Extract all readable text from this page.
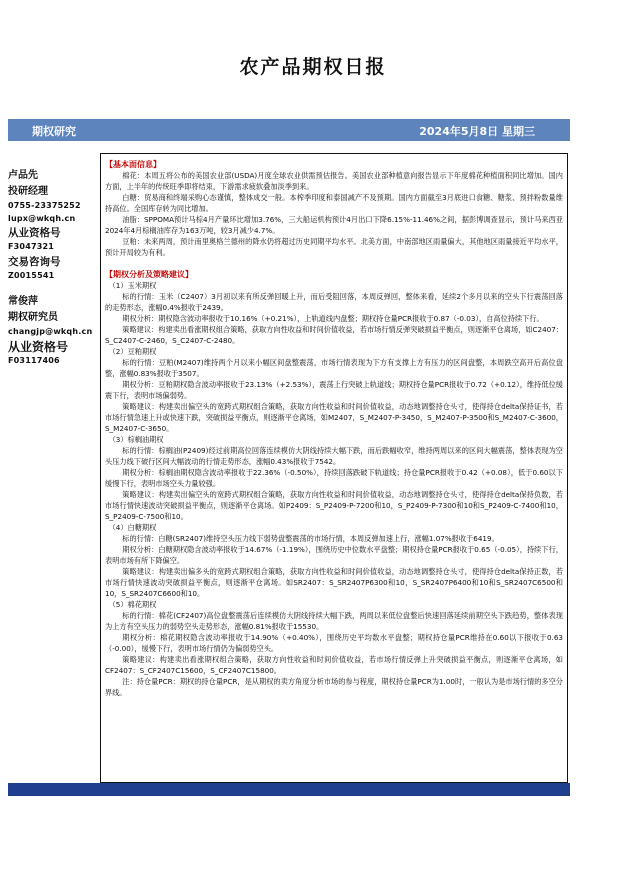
农产品期权日报
期权研究	2024年5月8日 星期三
卢品先
投研经理
0755-23375252
lupx@wkqh.cn
从业资格号
F3047321
交易咨询号
Z0015541
常俊萍
期权研究员
changjp@wkqh.cn
从业资格号
F03117406
【基本面信息】

棉花：本周五将公布的美国农业部(USDA)月度全球农业供需预估报告。美国农业部种植意向报告显示下年度棉花种植面积同比增加。国内方面，上半年的传统旺季即将结束，下游需求疲软叠加淡季到来。

白糖：贸易商和终端采购心态谨慎，整体成交一般。本榨季印度和泰国减产不及预期。国内方面截至3月底进口食糖、糖浆、预拌粉数量维持高位。全国库存转为同比增加。

油脂：SPPOMA预计马棕4月产量环比增加3.76%，三大船运机构预计4月出口下降6.15%-11.46%之间，据彭博调查显示，预计马来西亚2024年4月棕榈油库存为163万吨，较3月减少4.7%。

豆粕：未来两周，预计南里奥格兰德州的降水仍将超过历史同期平均水平。北美方面，中南部地区雨量偏大，其他地区雨量接近平均水平，预计开局较为有利。

【期权分析及策略建议】

（1）玉米期权

标的行情：玉米（C2407）3月初以来有所反弹回暖上升，而后受阻回落，本周反弹回，整体来看，延续2个多月以来的空头下行震荡回落的走势形态，涨幅0.4%报收于2439。

期权分析：期权隐含波动率报收于10.16%（+0.21%），上轨道线内盘整；期权持仓量PCR报收于0.87（-0.03），自高位持续下行。

策略建议：构建卖出看涨期权组合策略，获取方向性收益和时间价值收益，若市场行情反弹突破损益平衡点，则逐渐平仓离场，如C2407：S_C2407-C-2460，S_C2407-C-2480。

（2）豆粕期权

标的行情：豆粕(M2407)维持两个月以来小幅区间盘整震荡，市场行情表现为下方有支撑上方有压力的区间盘整，本周跌空高开后高位盘整，涨幅0.83%报收于3507。

期权分析：豆粕期权隐含波动率报收于23.13%（+2.53%），震荡上行突破上轨道线；期权持仓量PCR报收于0.72（+0.12），维持低位缓震下行，表明市场偏弱势。

策略建议：构建卖出偏空头的宽跨式期权组合策略，获取方向性收益和时间价值收益，动态地调整持仓头寸，使得持仓delta保持证书，若市场行情急速上升或快速下跌，突破损益平衡点，则逐渐平仓离场，如M2407，S_M2407-P-3450，S_M2407-P-3500和S_M2407-C-3600，S_M2407-C-3650。

（3）棕榈油期权

标的行情：棕榈油(P2409)经过前期高位回落连续模仿大阴线持续大幅下跌，而后跌幅收窄，维持两周以来的区间大幅震荡，整体表现为空头压力线下破行区间大幅波动的行情走势形态，涨幅0.43%报收于7542。

期权分析：棕榈油期权隐含波动率报收于22.36%（-0.50%），持续回落跌破下轨道线；持仓量PCR报收于0.42（+0.08），低于0.60以下缓慢下行，表明市场空头力量较强。

策略建议：构建卖出偏空头的宽跨式期权组合策略，获取方向性收益和时间价值收益，动态地调整持仓头寸，使得持仓delta保持负数，若市场行情快速波动突破损益平衡点，则逐渐平仓离场。如P2409：S_P2409-P-7200和10，S_P2409-P-7300和10和S_P2409-C-7400和10，S_P2409-C-7500和10。

（4）白糖期权

标的行情：白糖(SR2407)维持空头压力线下弱势盘整震荡的市场行情，本周反弹加速上行，涨幅1.07%报收于6419。

期权分析：白糖期权隐含波动率报收于14.67%（-1.19%），围绕历史中位数水平盘整；期权持仓量PCR报收于0.65（-0.05），持续下行，表明市场有所下降偏空。

策略建议：构建卖出偏多头的宽跨式期权组合策略，获取方向性收益和时间价值收益，动态地调整持仓头寸，使得持仓delta保持正数，若市场行情快速波动突破损益平衡点，则逐渐平仓离场。如SR2407：S_SR2407P6300和10，S_SR2407P6400和10和S_SR2407C6500和10，S_SR2407C6600和10。

（5）棉花期权

标的行情：棉花(CF2407)高位盘整震荡后连续模仿大阴线持续大幅下跌，两周以来低位盘整后快速回落延续前期空头下跌趋势，整体表现为上方有空头压力的弱势空头走势形态，涨幅0.81%报收于15530。

期权分析：棉花期权隐含波动率报收于14.90%（+0.40%），围绕历史平均数水平盘整；期权持仓量PCR维持在0.60以下报收于0.63（-0.00），缓慢下行，表明市场行情仍为偏弱势空头。

策略建议：构建卖出看涨期权组合策略，获取方向性收益和时间价值收益，若市场行情反弹上升突破损益平衡点，则逐渐平仓离场，如CF2407：S_CF2407C15600，S_CF2407C15800。

注：持仓量PCR：期权的持仓量PCR，是从期权的卖方角度分析市场的参与程度，期权持仓量PCR为1.00时，一般认为是市场行情的多空分界线。
